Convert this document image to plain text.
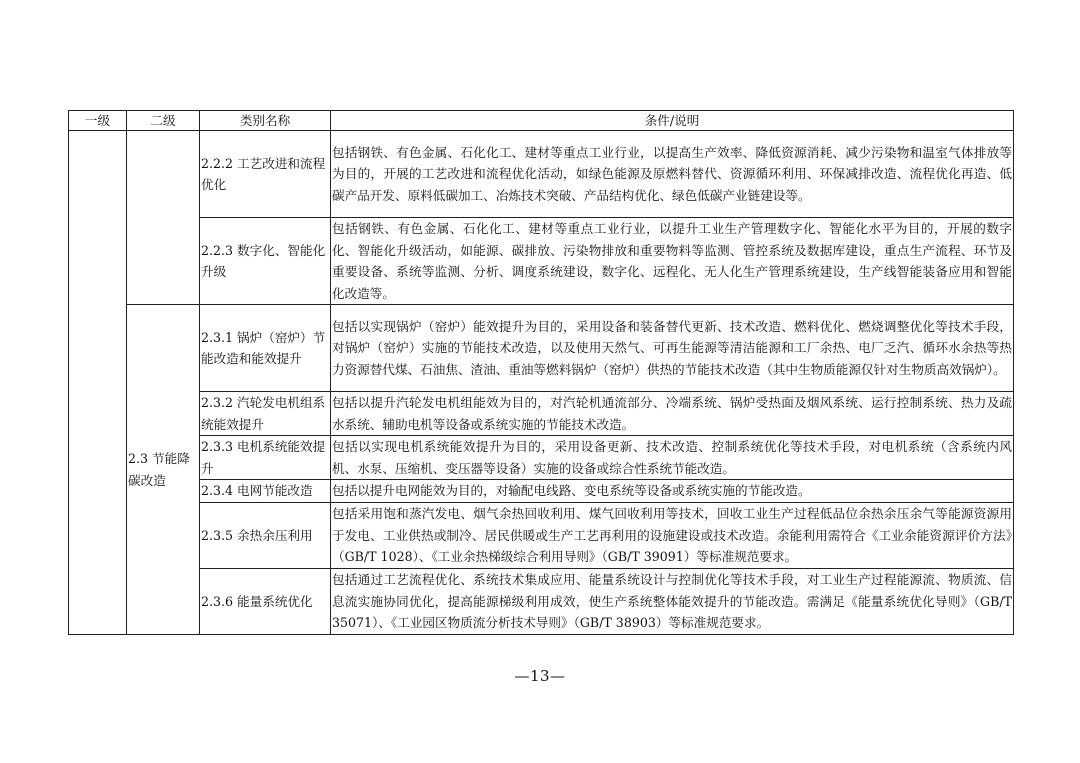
一级	二级	类别名称	条件/说明
		2.2.2 工艺改进和流程优化	包括钢铁、有色金属、石化化工、建材等重点工业行业，以提高生产效率、降低资源消耗、减少污染物和温室气体排放等为目的，开展的工艺改进和流程优化活动，如绿色能源及原燃料替代、资源循环利用、环保减排改造、流程优化再造、低碳产品开发、原料低碳加工、冶炼技术突破、产品结构优化、绿色低碳产业链建设等。
		2.2.3 数字化、智能化升级	包括钢铁、有色金属、石化化工、建材等重点工业行业，以提升工业生产管理数字化、智能化水平为目的，开展的数字化、智能化升级活动，如能源、碳排放、污染物排放和重要物料等监测、管控系统及数据库建设，重点生产流程、环节及重要设备、系统等监测、分析、调度系统建设，数字化、远程化、无人化生产管理系统建设，生产线智能装备应用和智能化改造等。
	2.3 节能降碳改造	2.3.1 锅炉（窑炉）节能改造和能效提升	包括以实现锅炉（窑炉）能效提升为目的，采用设备和装备替代更新、技术改造、燃料优化、燃烧调整优化等技术手段，对锅炉（窑炉）实施的节能技术改造，以及使用天然气、可再生能源等清洁能源和工厂余热、电厂乏汽、循环水余热等热力资源替代煤、石油焦、渣油、重油等燃料锅炉（窑炉）供热的节能技术改造（其中生物质能源仅针对生物质高效锅炉）。
		2.3.2 汽轮发电机组系统能效提升	包括以提升汽轮发电机组能效为目的，对汽轮机通流部分、冷端系统、锅炉受热面及烟风系统、运行控制系统、热力及疏水系统、辅助电机等设备或系统实施的节能技术改造。
		2.3.3 电机系统能效提升	包括以实现电机系统能效提升为目的，采用设备更新、技术改造、控制系统优化等技术手段，对电机系统（含系统内风机、水泵、压缩机、变压器等设备）实施的设备或综合性系统节能改造。
		2.3.4 电网节能改造	包括以提升电网能效为目的，对输配电线路、变电系统等设备或系统实施的节能改造。
		2.3.5 余热余压利用	包括采用饱和蒸汽发电、烟气余热回收利用、煤气回收利用等技术，回收工业生产过程低品位余热余压余气等能源资源用于发电、工业供热或制冷、居民供暖或生产工艺再利用的设施建设或技术改造。余能利用需符合《工业余能资源评价方法》（GB/T 1028）、《工业余热梯级综合利用导则》（GB/T 39091）等标准规范要求。
		2.3.6 能量系统优化	包括通过工艺流程优化、系统技术集成应用、能量系统设计与控制优化等技术手段，对工业生产过程能源流、物质流、信息流实施协同优化，提高能源梯级利用成效，使生产系统整体能效提升的节能改造。需满足《能量系统优化导则》（GB/T 35071）、《工业园区物质流分析技术导则》（GB/T 38903）等标准规范要求。
—13—
